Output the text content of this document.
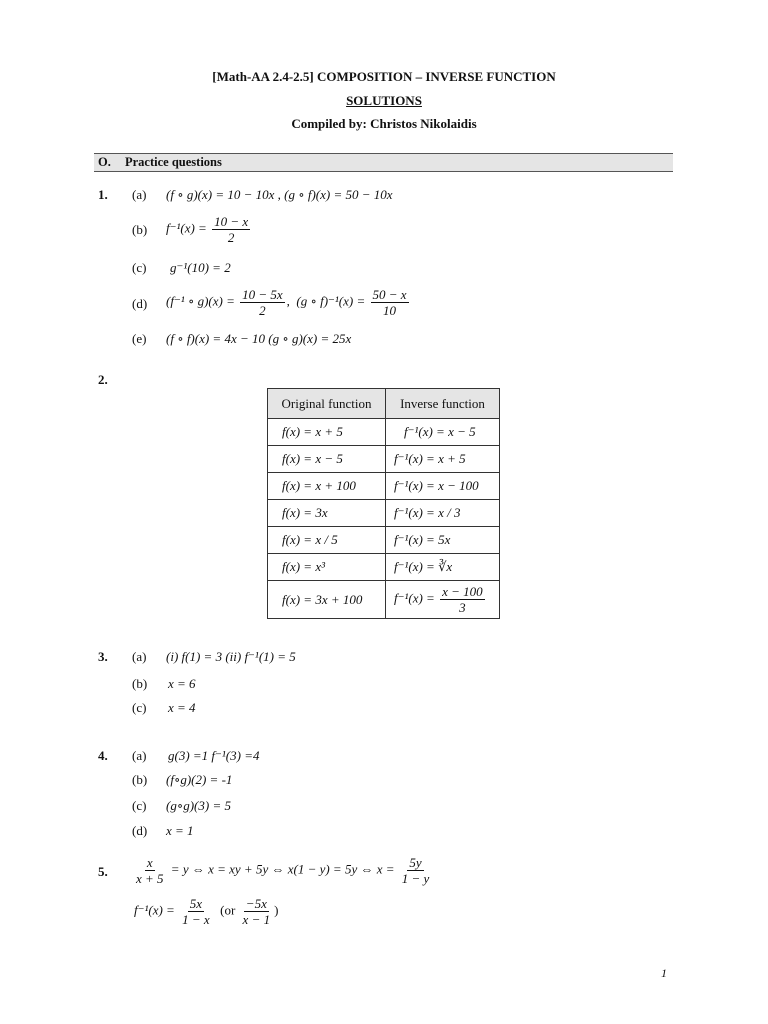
[Math-AA 2.4-2.5] COMPOSITION – INVERSE FUNCTION
SOLUTIONS
Compiled by: Christos Nikolaidis
O. Practice questions
1. (a) (f ∘ g)(x) = 10 − 10x , (g ∘ f)(x) = 50 − 10x
(b) $f^{-1}(x) = \frac{10 - x}{2}$
(c) g⁻¹(10) = 2
(d) (f⁻¹ ∘ $g)(x) = \frac{10 - 5x}{2}$ , (g ∘ $f)^{-1}(x) = \frac{50 - x}{10}$
(e) (f ∘ f)(x) = 4x − 10 (g ∘ g)(x) = 25x
2.
Original function	Inverse function
f(x) = x + 5	f⁻¹(x) = x − 5
f(x) = x − 5	f⁻¹(x) = x + 5
f(x) = x + 100	f⁻¹(x) = x − 100
f(x) = 3x	f⁻¹(x) = x / 3
f(x) = x / 5	f⁻¹(x) = 5x
f(x) = x³	f⁻¹(x) = ∛x
f(x) = 3x + 100	$f^{-1}(x) = \frac{x - 100}{3}$
3. (a) (i) f(1) = 3 (ii) f⁻¹(1) = 5
(b) x = 6
(c) x = 4
4. (a) g(3) =1 f⁻¹(3) =4
(b) (f∘g)(2) = -1
(c) (g∘g)(3) = 5
(d) x = 1
5. $\frac{x}{x + 5} = y$ ⇔ x = xy + 5y ⇔ x(1 − y) = 5y ⇔ $x = \frac{5y}{1 - y}$
$f^{-1}(x) = \frac{5x}{1 - x} (or \frac{-5x}{x - 1}$ )
1
